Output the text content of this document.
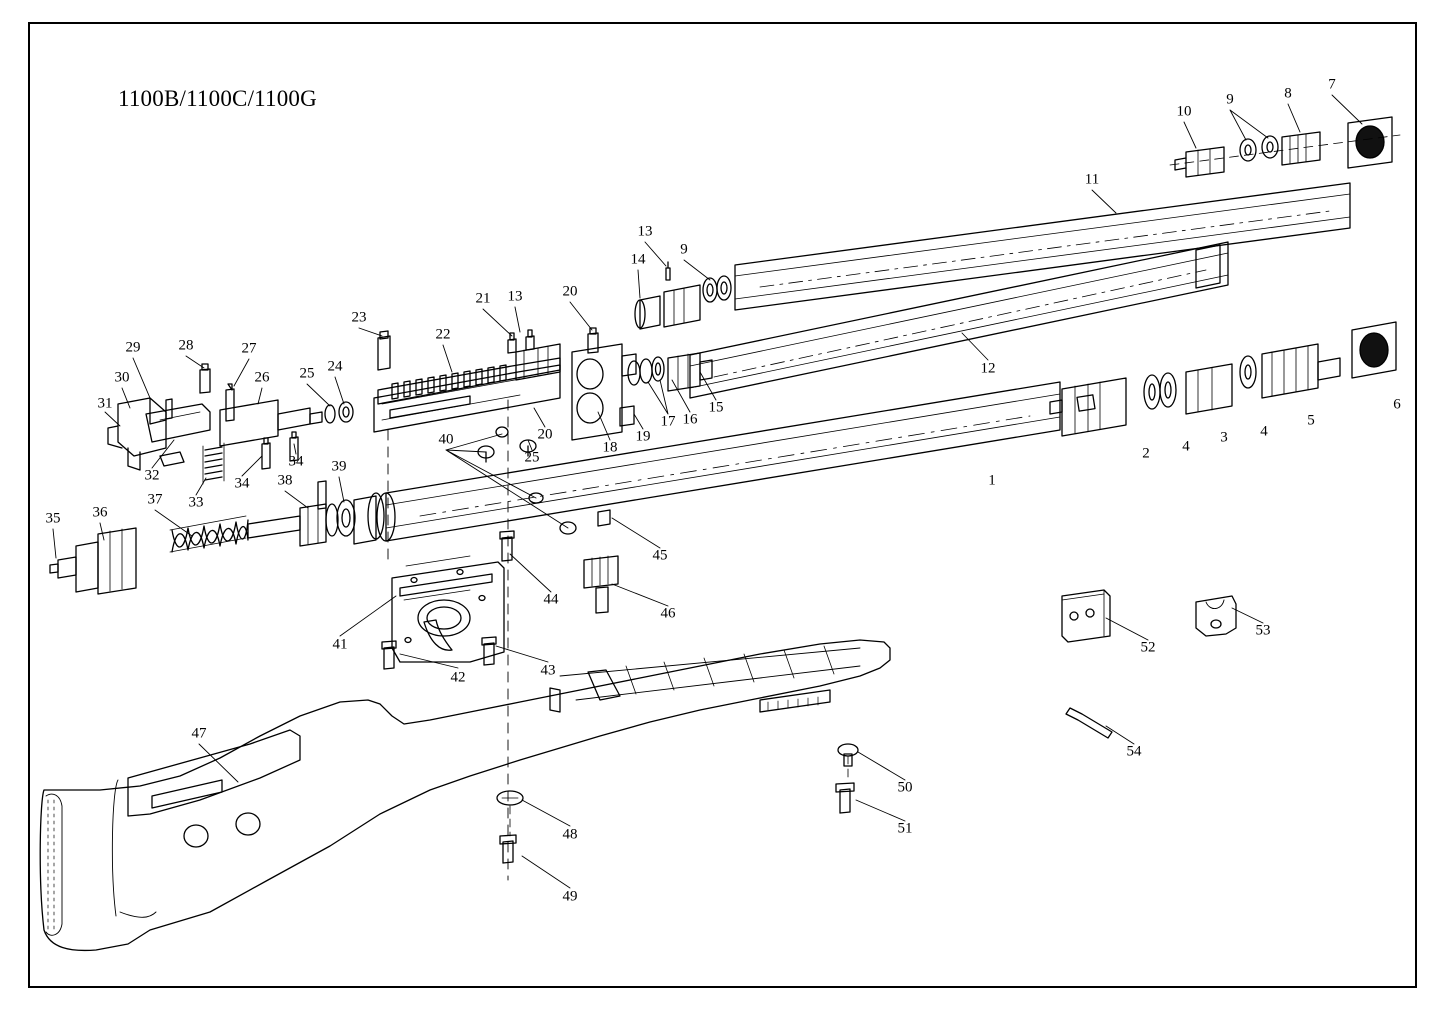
1100B/1100C/1100G
1
2
3
4
4
5
6
7
8
9
9
10
11
12
13
13
14
15
16
17
18
19
20
20
21
22
23
24
25
25
26
27
28
29
30
31
32
33
34
34
35 36
37
38
39
40
41
42	43
44
45
46
47
48
49
50
51
52
53
54
